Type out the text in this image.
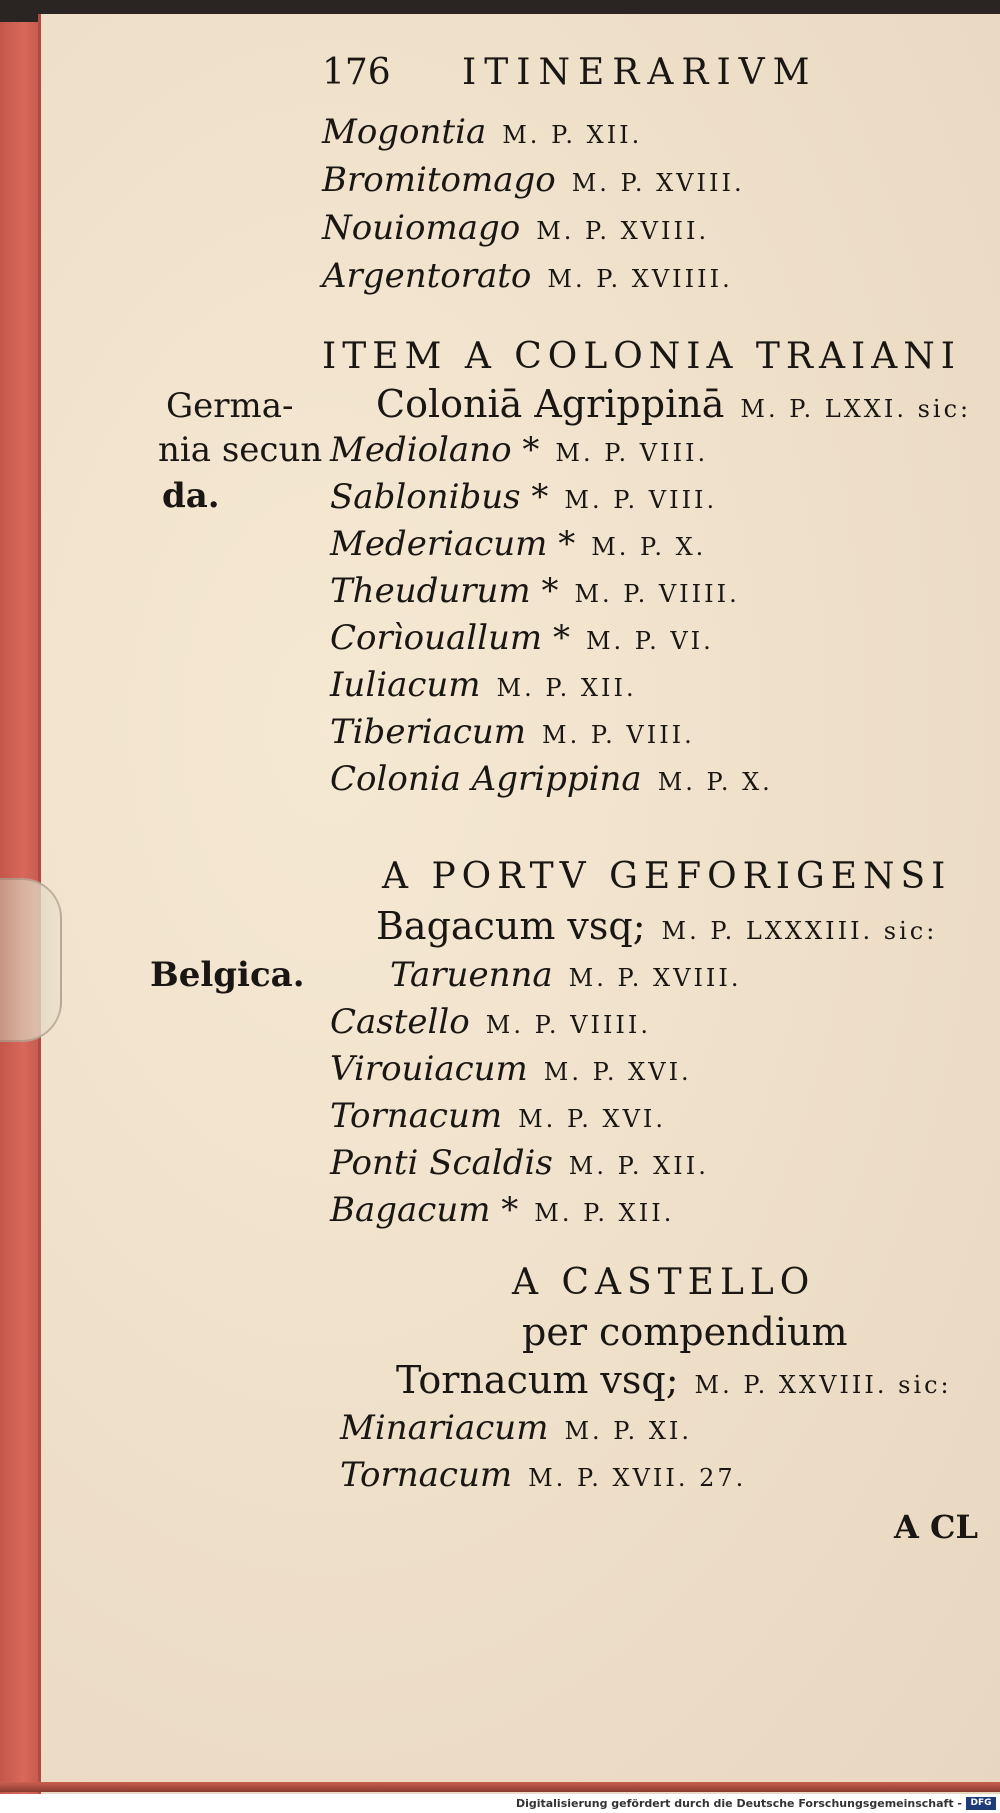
176 ITINERARIVM
Mogontia M. P. XII.
Bromitomago M. P. XVIII.
Nouiomago M. P. XVIII.
Argentorato M. P. XVIIII.
ITEM A COLONIA TRAIANI
Coloniā Agrippinā M. P. LXXI. sic:
Germa-
nia secun
da.
Mediolano * M. P. VIII.
Sablonibus * M. P. VIII.
Mederiacum * M. P. X.
Theudurum * M. P. VIIII.
Corìouallum * M. P. VI.
Iuliacum M. P. XII.
Tiberiacum M. P. VIII.
Colonia Agrippina M. P. X.
A PORTV GEFORIGENSI
Bagacum vsq; M. P. LXXXIII. sic:
Belgica.	Taruenna M. P. XVIII.
Castello M. P. VIIII.
Virouiacum M. P. XVI.
Tornacum M. P. XVI.
Ponti Scaldis M. P. XII.
Bagacum * M. P. XII.
A CASTELLO
per compendium
Tornacum vsq; M. P. XXVIII. sic:
Minariacum M. P. XI.
Tornacum M. P. XVII. 27.
A CL
Digitalisierung gefördert durch die Deutsche Forschungsgemeinschaft - DFG
